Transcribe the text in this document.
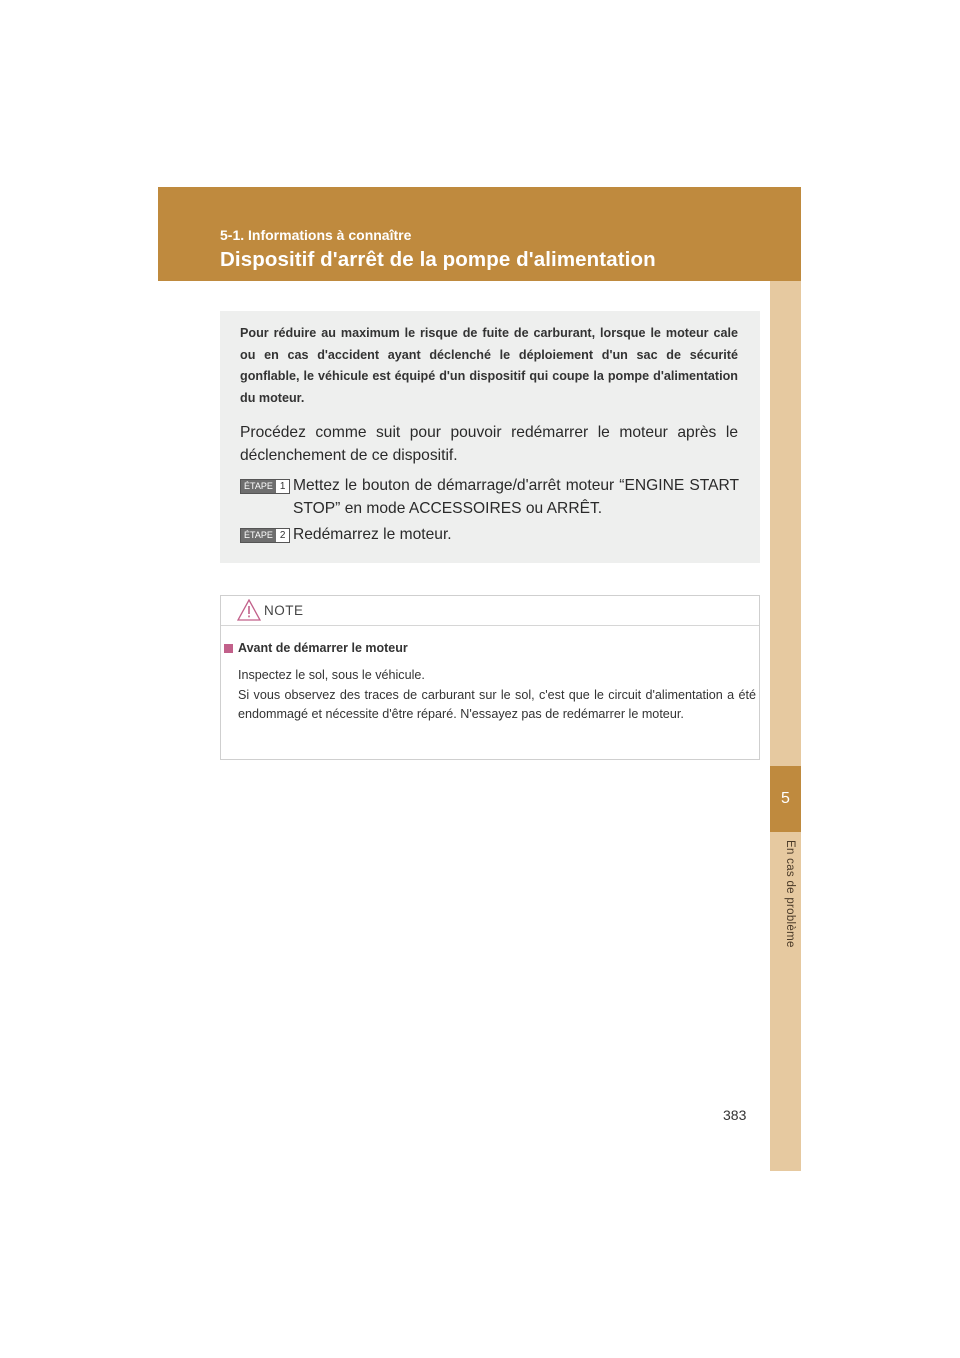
5
En cas de problème
5-1. Informations à connaître
Dispositif d'arrêt de la pompe d'alimentation
Pour réduire au maximum le risque de fuite de carburant, lorsque le moteur cale ou en cas d'accident ayant déclenché le déploiement d'un sac de sécurité gonflable, le véhicule est équipé d'un dispositif qui coupe la pompe d'alimentation du moteur.
Procédez comme suit pour pouvoir redémarrer le moteur après le déclenchement de ce dispositif.
ÉTAPE 1 Mettez le bouton de démarrage/d'arrêt moteur “ENGINE START STOP” en mode ACCESSOIRES ou ARRÊT.
ÉTAPE 2 Redémarrez le moteur.
NOTE
Avant de démarrer le moteur

Inspectez le sol, sous le véhicule.

Si vous observez des traces de carburant sur le sol, c'est que le circuit d'alimentation a été endommagé et nécessite d'être réparé. N'essayez pas de redémarrer le moteur.

383
